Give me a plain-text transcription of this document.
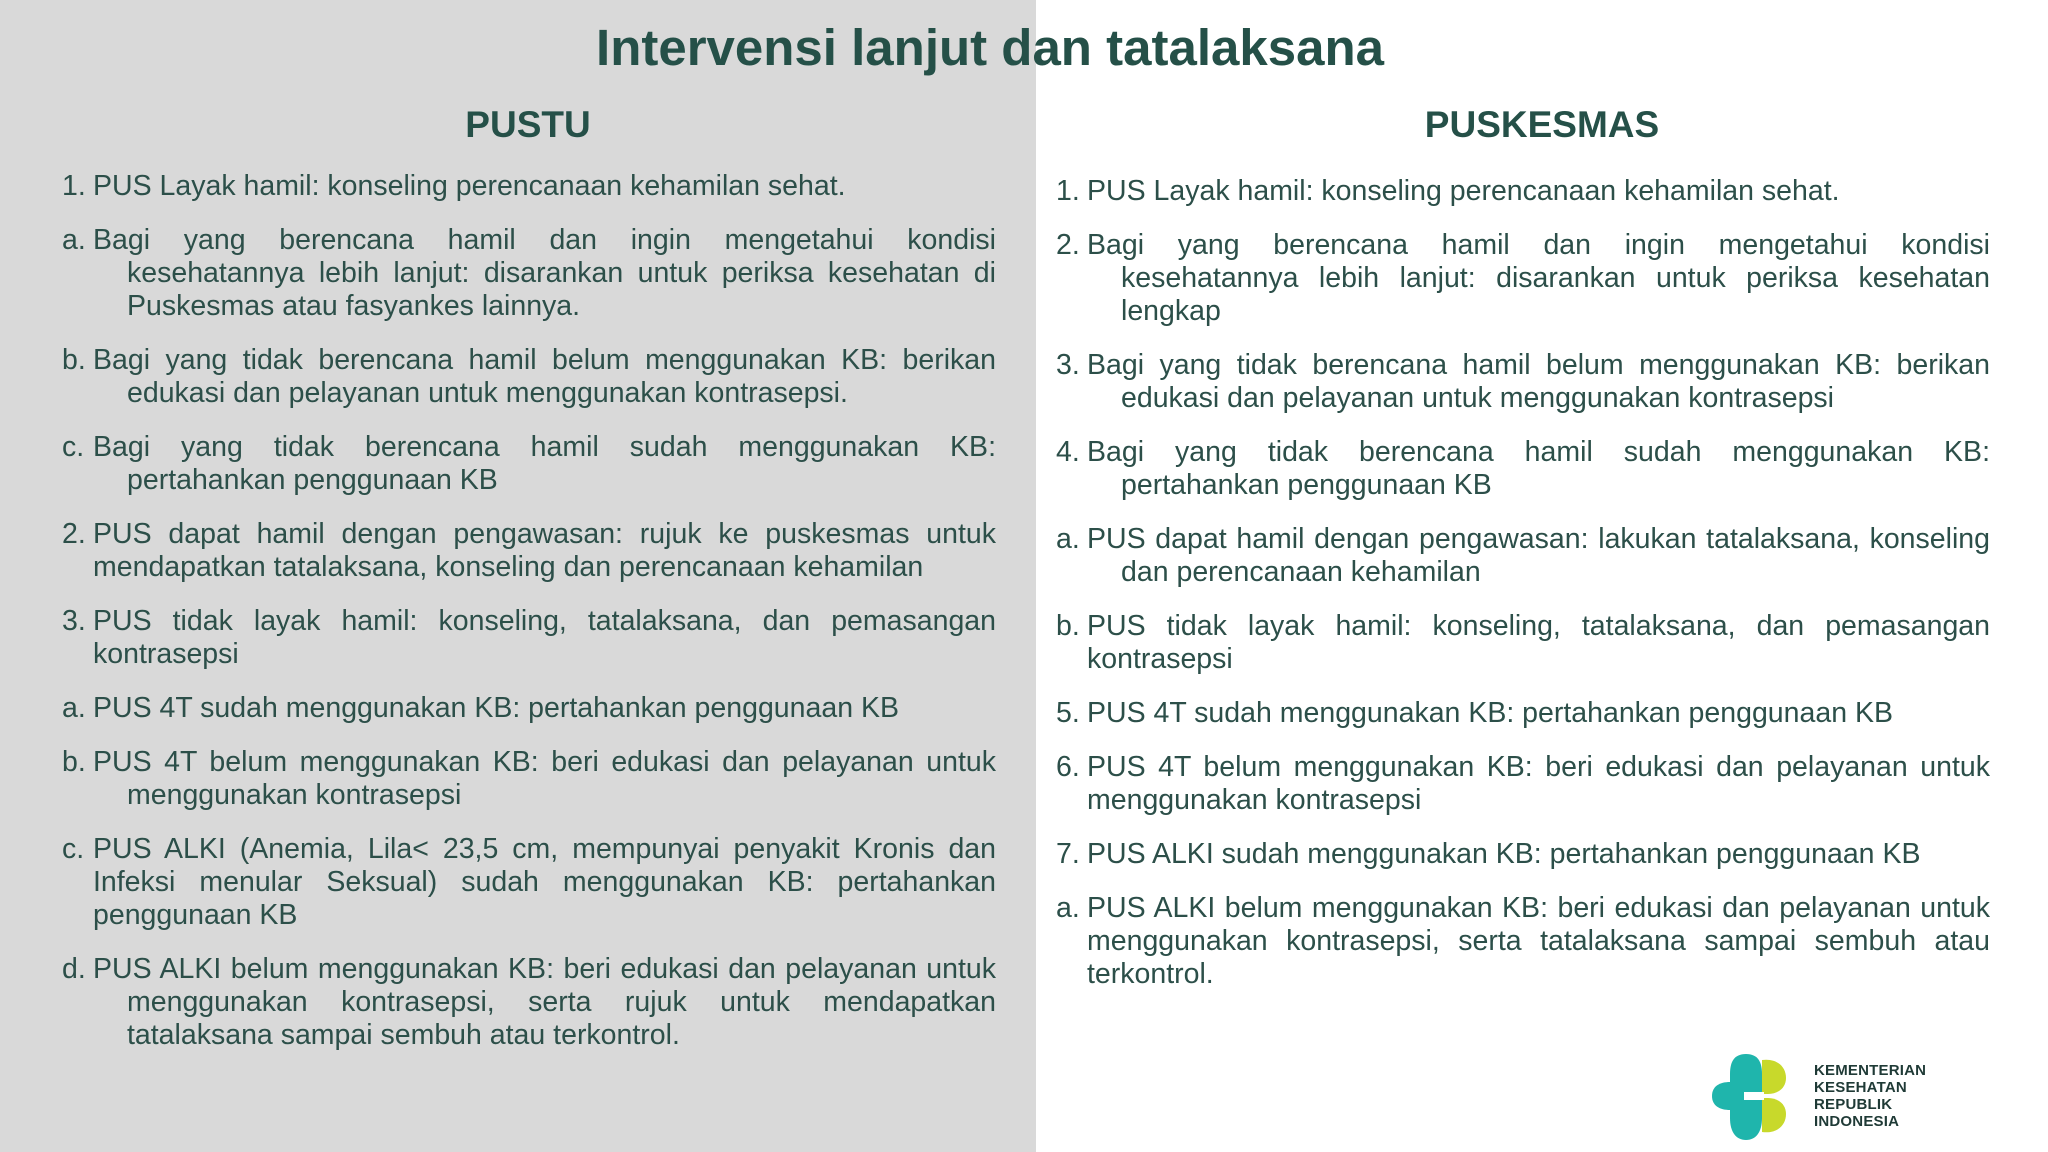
Intervensi lanjut dan tatalaksana
PUSTU	PUSKESMAS
1. PUS Layak hamil: konseling perencanaan kehamilan sehat.
a. Bagi yang berencana hamil dan ingin mengetahui kondisi kesehatannya lebih lanjut: disarankan untuk periksa kesehatan di Puskesmas atau fasyankes lainnya.
b. Bagi yang tidak berencana hamil belum menggunakan KB: berikan edukasi dan pelayanan untuk menggunakan kontrasepsi.
c. Bagi yang tidak berencana hamil sudah menggunakan KB: pertahankan penggunaan KB
2. PUS dapat hamil dengan pengawasan: rujuk ke puskesmas untuk mendapatkan tatalaksana, konseling dan perencanaan kehamilan
3. PUS tidak layak hamil: konseling, tatalaksana, dan pemasangan kontrasepsi
a. PUS 4T sudah menggunakan KB: pertahankan penggunaan KB
b. PUS 4T belum menggunakan KB: beri edukasi dan pelayanan untuk menggunakan kontrasepsi
c. PUS ALKI (Anemia, Lila< 23,5 cm, mempunyai penyakit Kronis dan Infeksi menular Seksual) sudah menggunakan KB: pertahankan penggunaan KB
d. PUS ALKI belum menggunakan KB: beri edukasi dan pelayanan untuk menggunakan kontrasepsi, serta rujuk untuk mendapatkan tatalaksana sampai sembuh atau terkontrol.
1. PUS Layak hamil: konseling perencanaan kehamilan sehat.
2. Bagi yang berencana hamil dan ingin mengetahui kondisi kesehatannya lebih lanjut: disarankan untuk periksa kesehatan lengkap
3. Bagi yang tidak berencana hamil belum menggunakan KB: berikan edukasi dan pelayanan untuk menggunakan kontrasepsi
4. Bagi yang tidak berencana hamil sudah menggunakan KB: pertahankan penggunaan KB
a. PUS dapat hamil dengan pengawasan: lakukan tatalaksana, konseling dan perencanaan kehamilan
b. PUS tidak layak hamil: konseling, tatalaksana, dan pemasangan kontrasepsi
5. PUS 4T sudah menggunakan KB: pertahankan penggunaan KB
6. PUS 4T belum menggunakan KB: beri edukasi dan pelayanan untuk menggunakan kontrasepsi
7. PUS ALKI sudah menggunakan KB: pertahankan penggunaan KB
a. PUS ALKI belum menggunakan KB: beri edukasi dan pelayanan untuk menggunakan kontrasepsi, serta tatalaksana sampai sembuh atau terkontrol.
KEMENTERIAN
KESEHATAN
REPUBLIK
INDONESIA
